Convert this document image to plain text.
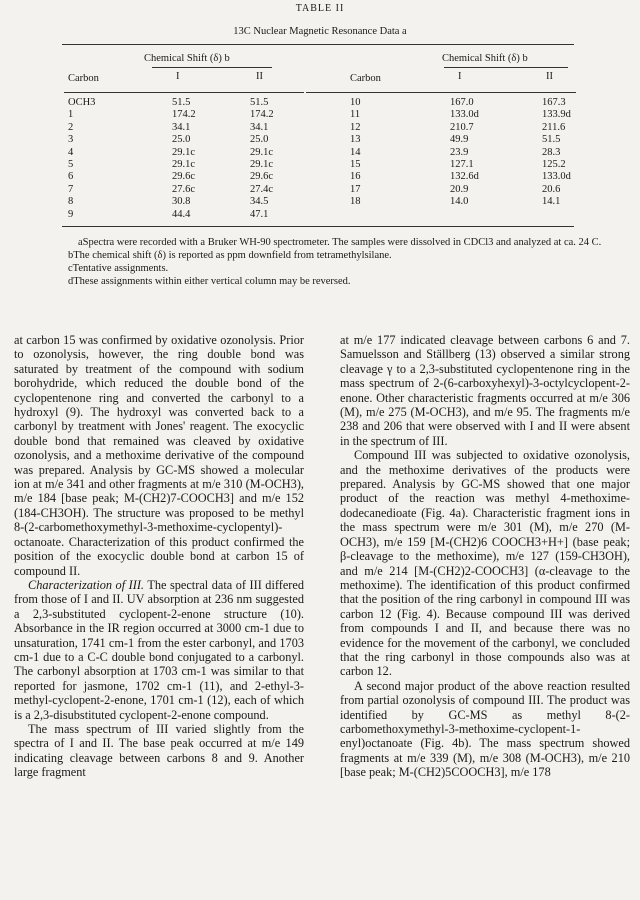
TABLE II
13C Nuclear Magnetic Resonance Data a
Chemical Shift (δ) b
Carbon	I	II
OCH3	51.5	51.5
1	174.2	174.2
2	34.1	34.1
3	25.0	25.0
4	29.1c	29.1c
5	29.1c	29.1c
6	29.6c	29.6c
7	27.6c	27.4c
8	30.8	34.5
9	44.4	47.1
Chemical Shift (δ) b
Carbon	I	II
10	167.0	167.3
11	133.0d	133.9d
12	210.7	211.6
13	49.9	51.5
14	23.9	28.3
15	127.1	125.2
16	132.6d	133.0d
17	20.9	20.6
18	14.0	14.1

aSpectra were recorded with a Bruker WH-90 spectrometer. The samples were dissolved in CDCl3 and analyzed at ca. 24 C.

bThe chemical shift (δ) is reported as ppm downfield from tetramethylsilane.

cTentative assignments.

dThese assignments within either vertical column may be reversed.

at carbon 15 was confirmed by oxidative ozonolysis. Prior to ozonolysis, however, the ring double bond was saturated by treatment of the compound with sodium borohydride, which reduced the double bond of the cyclopentenone ring and converted the carbonyl to a hydroxyl (9). The hydroxyl was converted back to a carbonyl by treatment with Jones' reagent. The exocyclic double bond that remained was cleaved by oxidative ozonolysis, and a methoxime derivative of the compound was prepared. Analysis by GC-MS showed a molecular ion at m/e 341 and other fragments at m/e 310 (M-OCH3), m/e 184 [base peak; M-(CH2)7-COOCH3] and m/e 152 (184-CH3OH). The structure was proposed to be methyl 8-(2-carbomethoxymethyl-3-methoxime-cyclopentyl)-octanoate. Characterization of this product confirmed the position of the exocyclic double bond at carbon 15 of compound II.

Characterization of III. The spectral data of III differed from those of I and II. UV absorption at 236 nm suggested a 2,3-substituted cyclopent-2-enone structure (10). Absorbance in the IR region occurred at 3000 cm-1 due to unsaturation, 1741 cm-1 from the ester carbonyl, and 1703 cm-1 due to a C-C double bond conjugated to a carbonyl. The carbonyl absorption at 1703 cm-1 was similar to that reported for jasmone, 1702 cm-1 (11), and 2-ethyl-3-methyl-cyclopent-2-enone, 1701 cm-1 (12), each of which is a 2,3-disubstituted cyclopent-2-enone compound.

The mass spectrum of III varied slightly from the spectra of I and II. The base peak occurred at m/e 149 indicating cleavage between carbons 8 and 9. Another large fragment

at m/e 177 indicated cleavage between carbons 6 and 7. Samuelsson and Ställberg (13) observed a similar strong cleavage γ to a 2,3-substituted cyclopentenone ring in the mass spectrum of 2-(6-carboxyhexyl)-3-octylcyclopent-2-enone. Other characteristic fragments occurred at m/e 306 (M), m/e 275 (M-OCH3), and m/e 95. The fragments m/e 238 and 206 that were observed with I and II were absent in the spectrum of III.

Compound III was subjected to oxidative ozonolysis, and the methoxime derivatives of the products were prepared. Analysis by GC-MS showed that one major product of the reaction was methyl 4-methoxime-dodecanedioate (Fig. 4a). Characteristic fragment ions in the mass spectrum were m/e 301 (M), m/e 270 (M-OCH3), m/e 159 [M-(CH2)6 COOCH3+H+] (base peak; β-cleavage to the methoxime), m/e 127 (159-CH3OH), and m/e 214 [M-(CH2)2-COOCH3] (α-cleavage to the methoxime). The identification of this product confirmed that the position of the ring carbonyl in compound III was carbon 12 (Fig. 4). Because compound III was derived from compounds I and II, and because there was no evidence for the movement of the carbonyl, we concluded that the ring carbonyl in those compounds also was at carbon 12.

A second major product of the above reaction resulted from partial ozonolysis of compound III. The product was identified by GC-MS as methyl 8-(2-carbomethoxymethyl-3-methoxime-cyclopent-1-enyl)octanoate (Fig. 4b). The mass spectrum showed fragments at m/e 339 (M), m/e 308 (M-OCH3), m/e 210 [base peak; M-(CH2)5COOCH3], m/e 178
